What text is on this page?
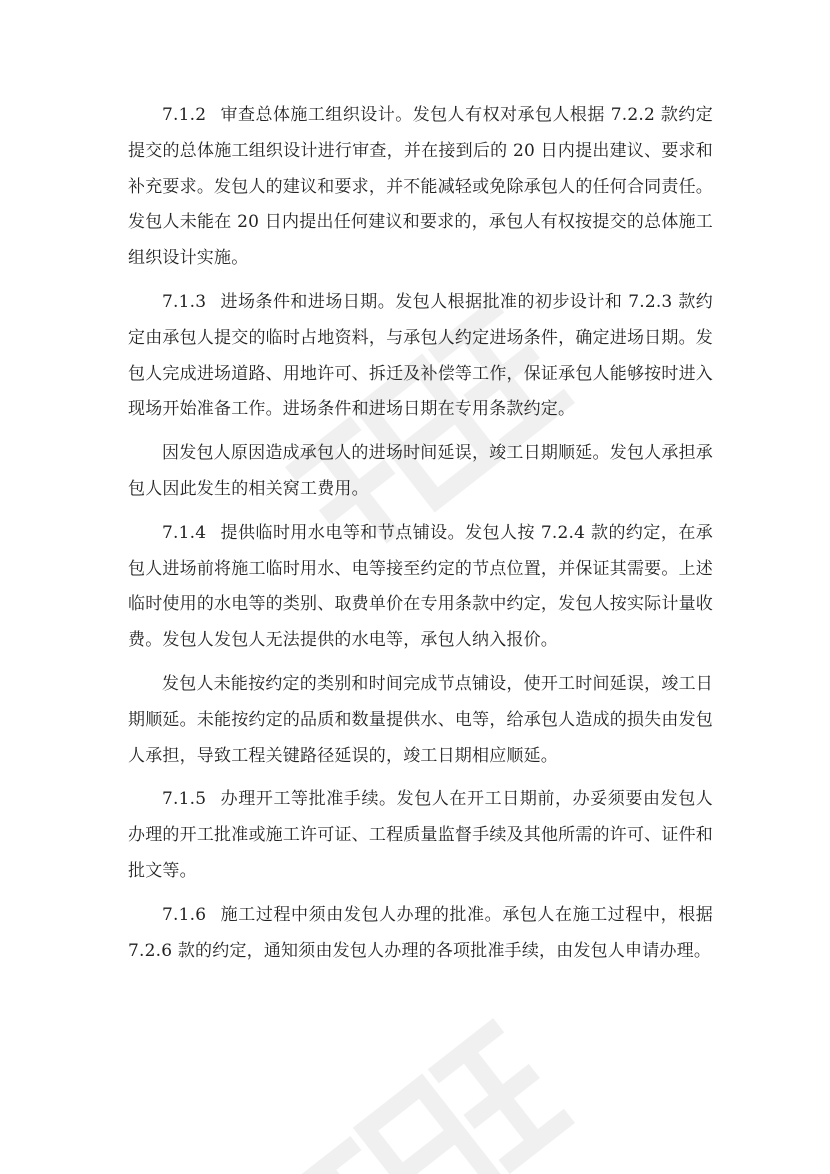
7.1.2 审查总体施工组织设计。发包人有权对承包人根据 7.2.2 款约定提交的总体施工组织设计进行审查，并在接到后的 20 日内提出建议、要求和补充要求。发包人的建议和要求，并不能减轻或免除承包人的任何合同责任。发包人未能在 20 日内提出任何建议和要求的，承包人有权按提交的总体施工组织设计实施。

7.1.3 进场条件和进场日期。发包人根据批准的初步设计和 7.2.3 款约定由承包人提交的临时占地资料，与承包人约定进场条件，确定进场日期。发包人完成进场道路、用地许可、拆迁及补偿等工作，保证承包人能够按时进入现场开始准备工作。进场条件和进场日期在专用条款约定。

因发包人原因造成承包人的进场时间延误，竣工日期顺延。发包人承担承包人因此发生的相关窝工费用。

7.1.4 提供临时用水电等和节点铺设。发包人按 7.2.4 款的约定，在承包人进场前将施工临时用水、电等接至约定的节点位置，并保证其需要。上述临时使用的水电等的类别、取费单价在专用条款中约定，发包人按实际计量收费。发包人发包人无法提供的水电等，承包人纳入报价。

发包人未能按约定的类别和时间完成节点铺设，使开工时间延误，竣工日期顺延。未能按约定的品质和数量提供水、电等，给承包人造成的损失由发包人承担，导致工程关键路径延误的，竣工日期相应顺延。

7.1.5 办理开工等批准手续。发包人在开工日期前，办妥须要由发包人办理的开工批准或施工许可证、工程质量监督手续及其他所需的许可、证件和批文等。

7.1.6 施工过程中须由发包人办理的批准。承包人在施工过程中，根据 7.2.6 款的约定，通知须由发包人办理的各项批准手续，由发包人申请办理。
